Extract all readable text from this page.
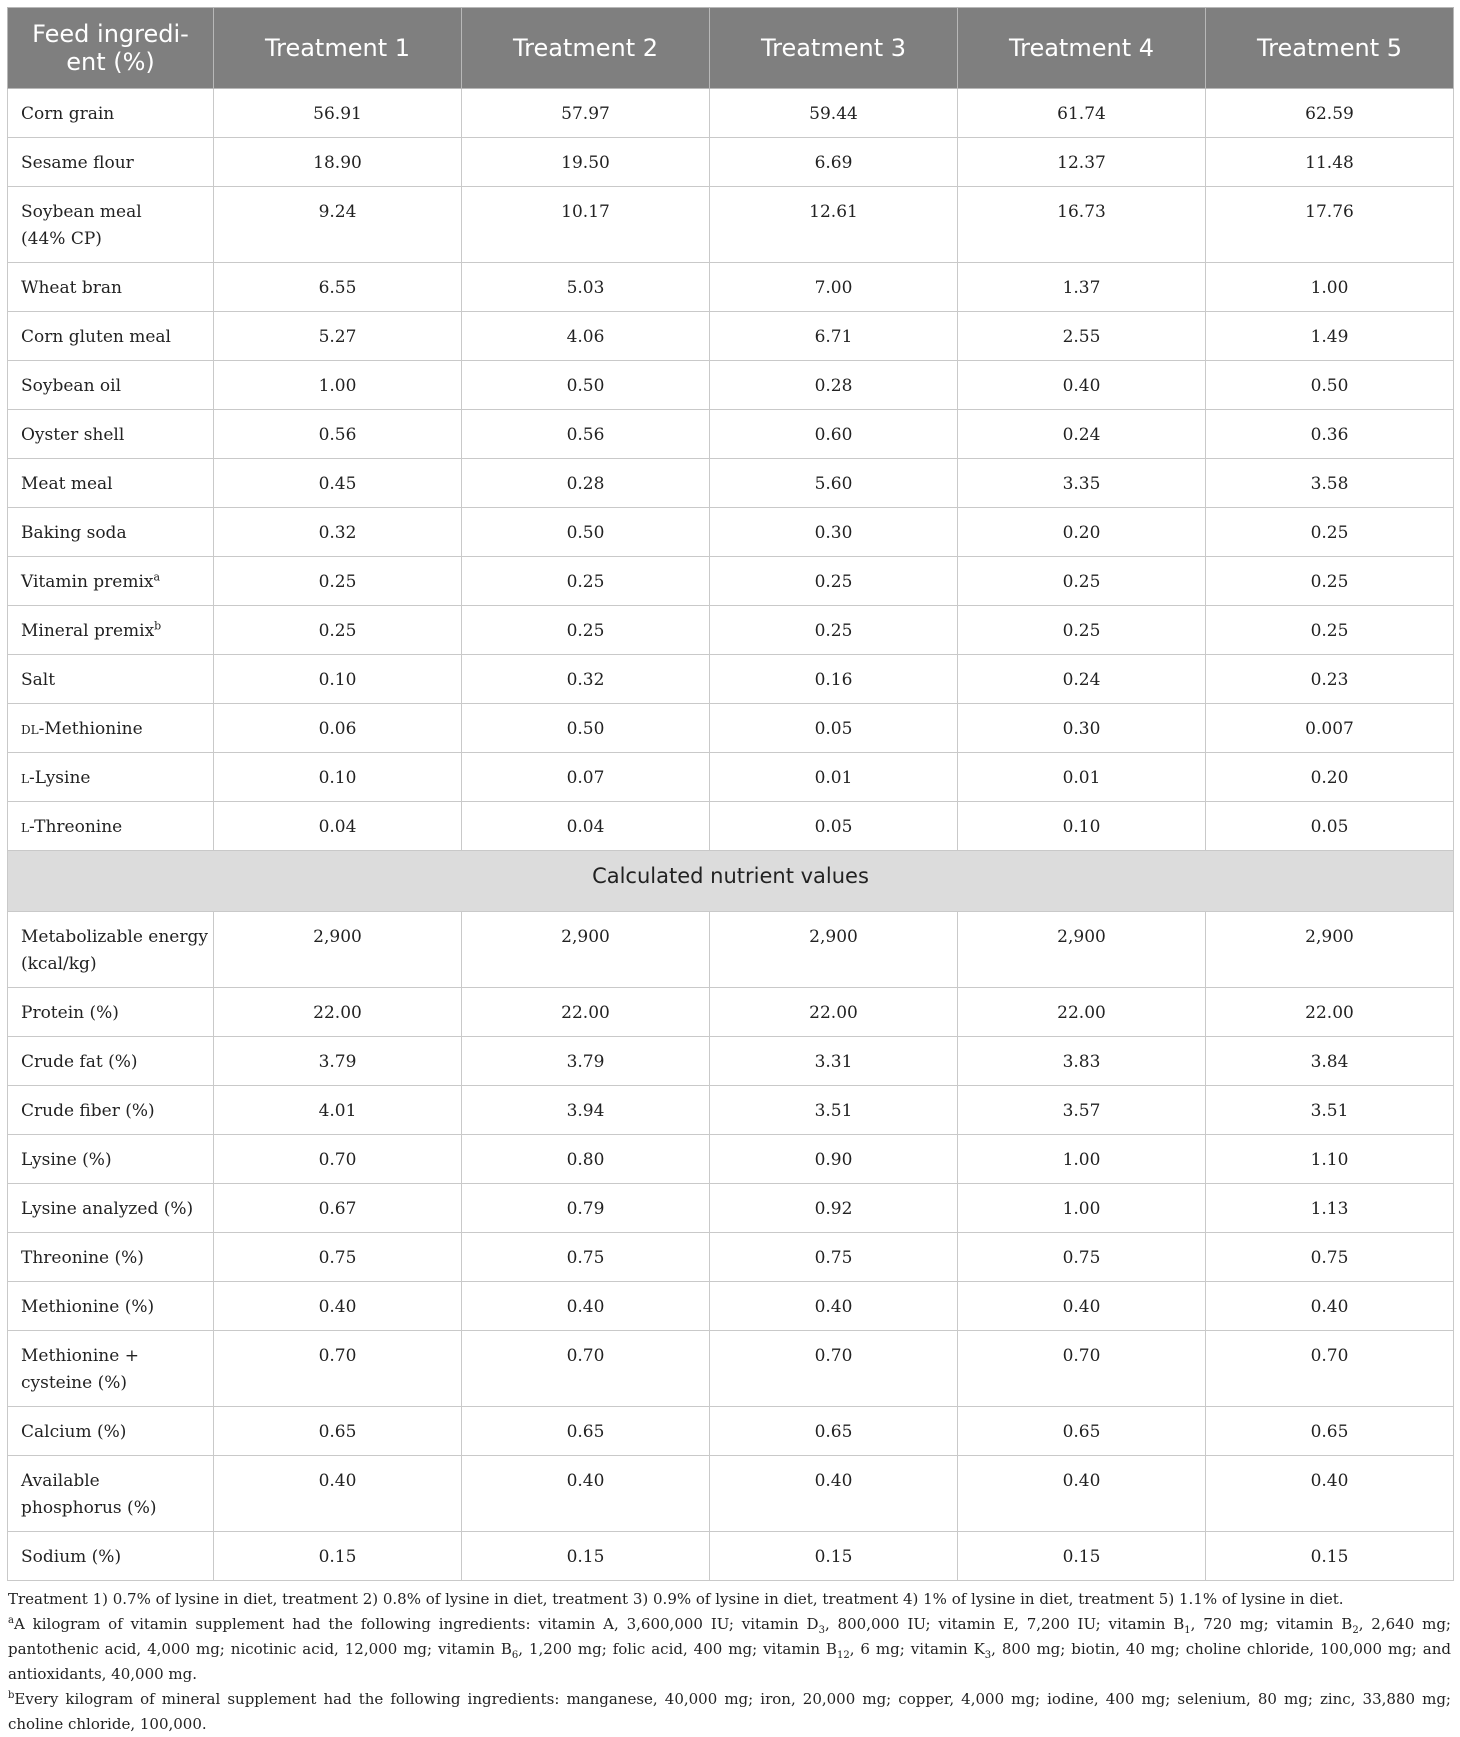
Feed ingredi-
ent (%)	Treatment 1	Treatment 2	Treatment 3	Treatment 4	Treatment 5
Corn grain	56.91	57.97	59.44	61.74	62.59
Sesame flour	18.90	19.50	6.69	12.37	11.48
Soybean meal
(44% CP)	9.24	10.17	12.61	16.73	17.76
Wheat bran	6.55	5.03	7.00	1.37	1.00
Corn gluten meal	5.27	4.06	6.71	2.55	1.49
Soybean oil	1.00	0.50	0.28	0.40	0.50
Oyster shell	0.56	0.56	0.60	0.24	0.36
Meat meal	0.45	0.28	5.60	3.35	3.58
Baking soda	0.32	0.50	0.30	0.20	0.25
Vitamin premix$^a$	0.25	0.25	0.25	0.25	0.25
Mineral premix$^b$	0.25	0.25	0.25	0.25	0.25
Salt	0.10	0.32	0.16	0.24	0.23
dl-Methionine	0.06	0.50	0.05	0.30	0.007
l-Lysine	0.10	0.07	0.01	0.01	0.20
l-Threonine	0.04	0.04	0.05	0.10	0.05
Calculated nutrient values					
Metabolizable energy
(kcal/kg)	2,900	2,900	2,900	2,900	2,900
Protein (%)	22.00	22.00	22.00	22.00	22.00
Crude fat (%)	3.79	3.79	3.31	3.83	3.84
Crude fiber (%)	4.01	3.94	3.51	3.57	3.51
Lysine (%)	0.70	0.80	0.90	1.00	1.10
Lysine analyzed (%)	0.67	0.79	0.92	1.00	1.13
Threonine (%)	0.75	0.75	0.75	0.75	0.75
Methionine (%)	0.40	0.40	0.40	0.40	0.40
Methionine +
cysteine (%)	0.70	0.70	0.70	0.70	0.70
Calcium (%)	0.65	0.65	0.65	0.65	0.65
Available
phosphorus (%)	0.40	0.40	0.40	0.40	0.40
Sodium (%)	0.15	0.15	0.15	0.15	0.15

Treatment 1) 0.7% of lysine in diet, treatment 2) 0.8% of lysine in diet, treatment 3) 0.9% of lysine in diet, treatment 4) 1% of lysine in diet, treatment 5) 1.1% of lysine in diet.

$^a$A kilogram of vitamin supplement had the following ingredients: vitamin A, 3,600,000 IU; vitamin $D_3$, 800,000 IU; vitamin E, 7,200 IU; vitamin $B_1$, 720 mg; vitamin $B_2$, 2,640 mg; pantothenic acid, 4,000 mg; nicotinic acid, 12,000 mg; vitamin $B_6$, 1,200 mg; folic acid, 400 mg; vitamin $B_{12}$, 6 mg; vitamin $K_3$, 800 mg; biotin, 40 mg; choline chloride, 100,000 mg; and antioxidants, 40,000 mg.

$^b$Every kilogram of mineral supplement had the following ingredients: manganese, 40,000 mg; iron, 20,000 mg; copper, 4,000 mg; iodine, 400 mg; selenium, 80 mg; zinc, 33,880 mg; choline chloride, 100,000.
